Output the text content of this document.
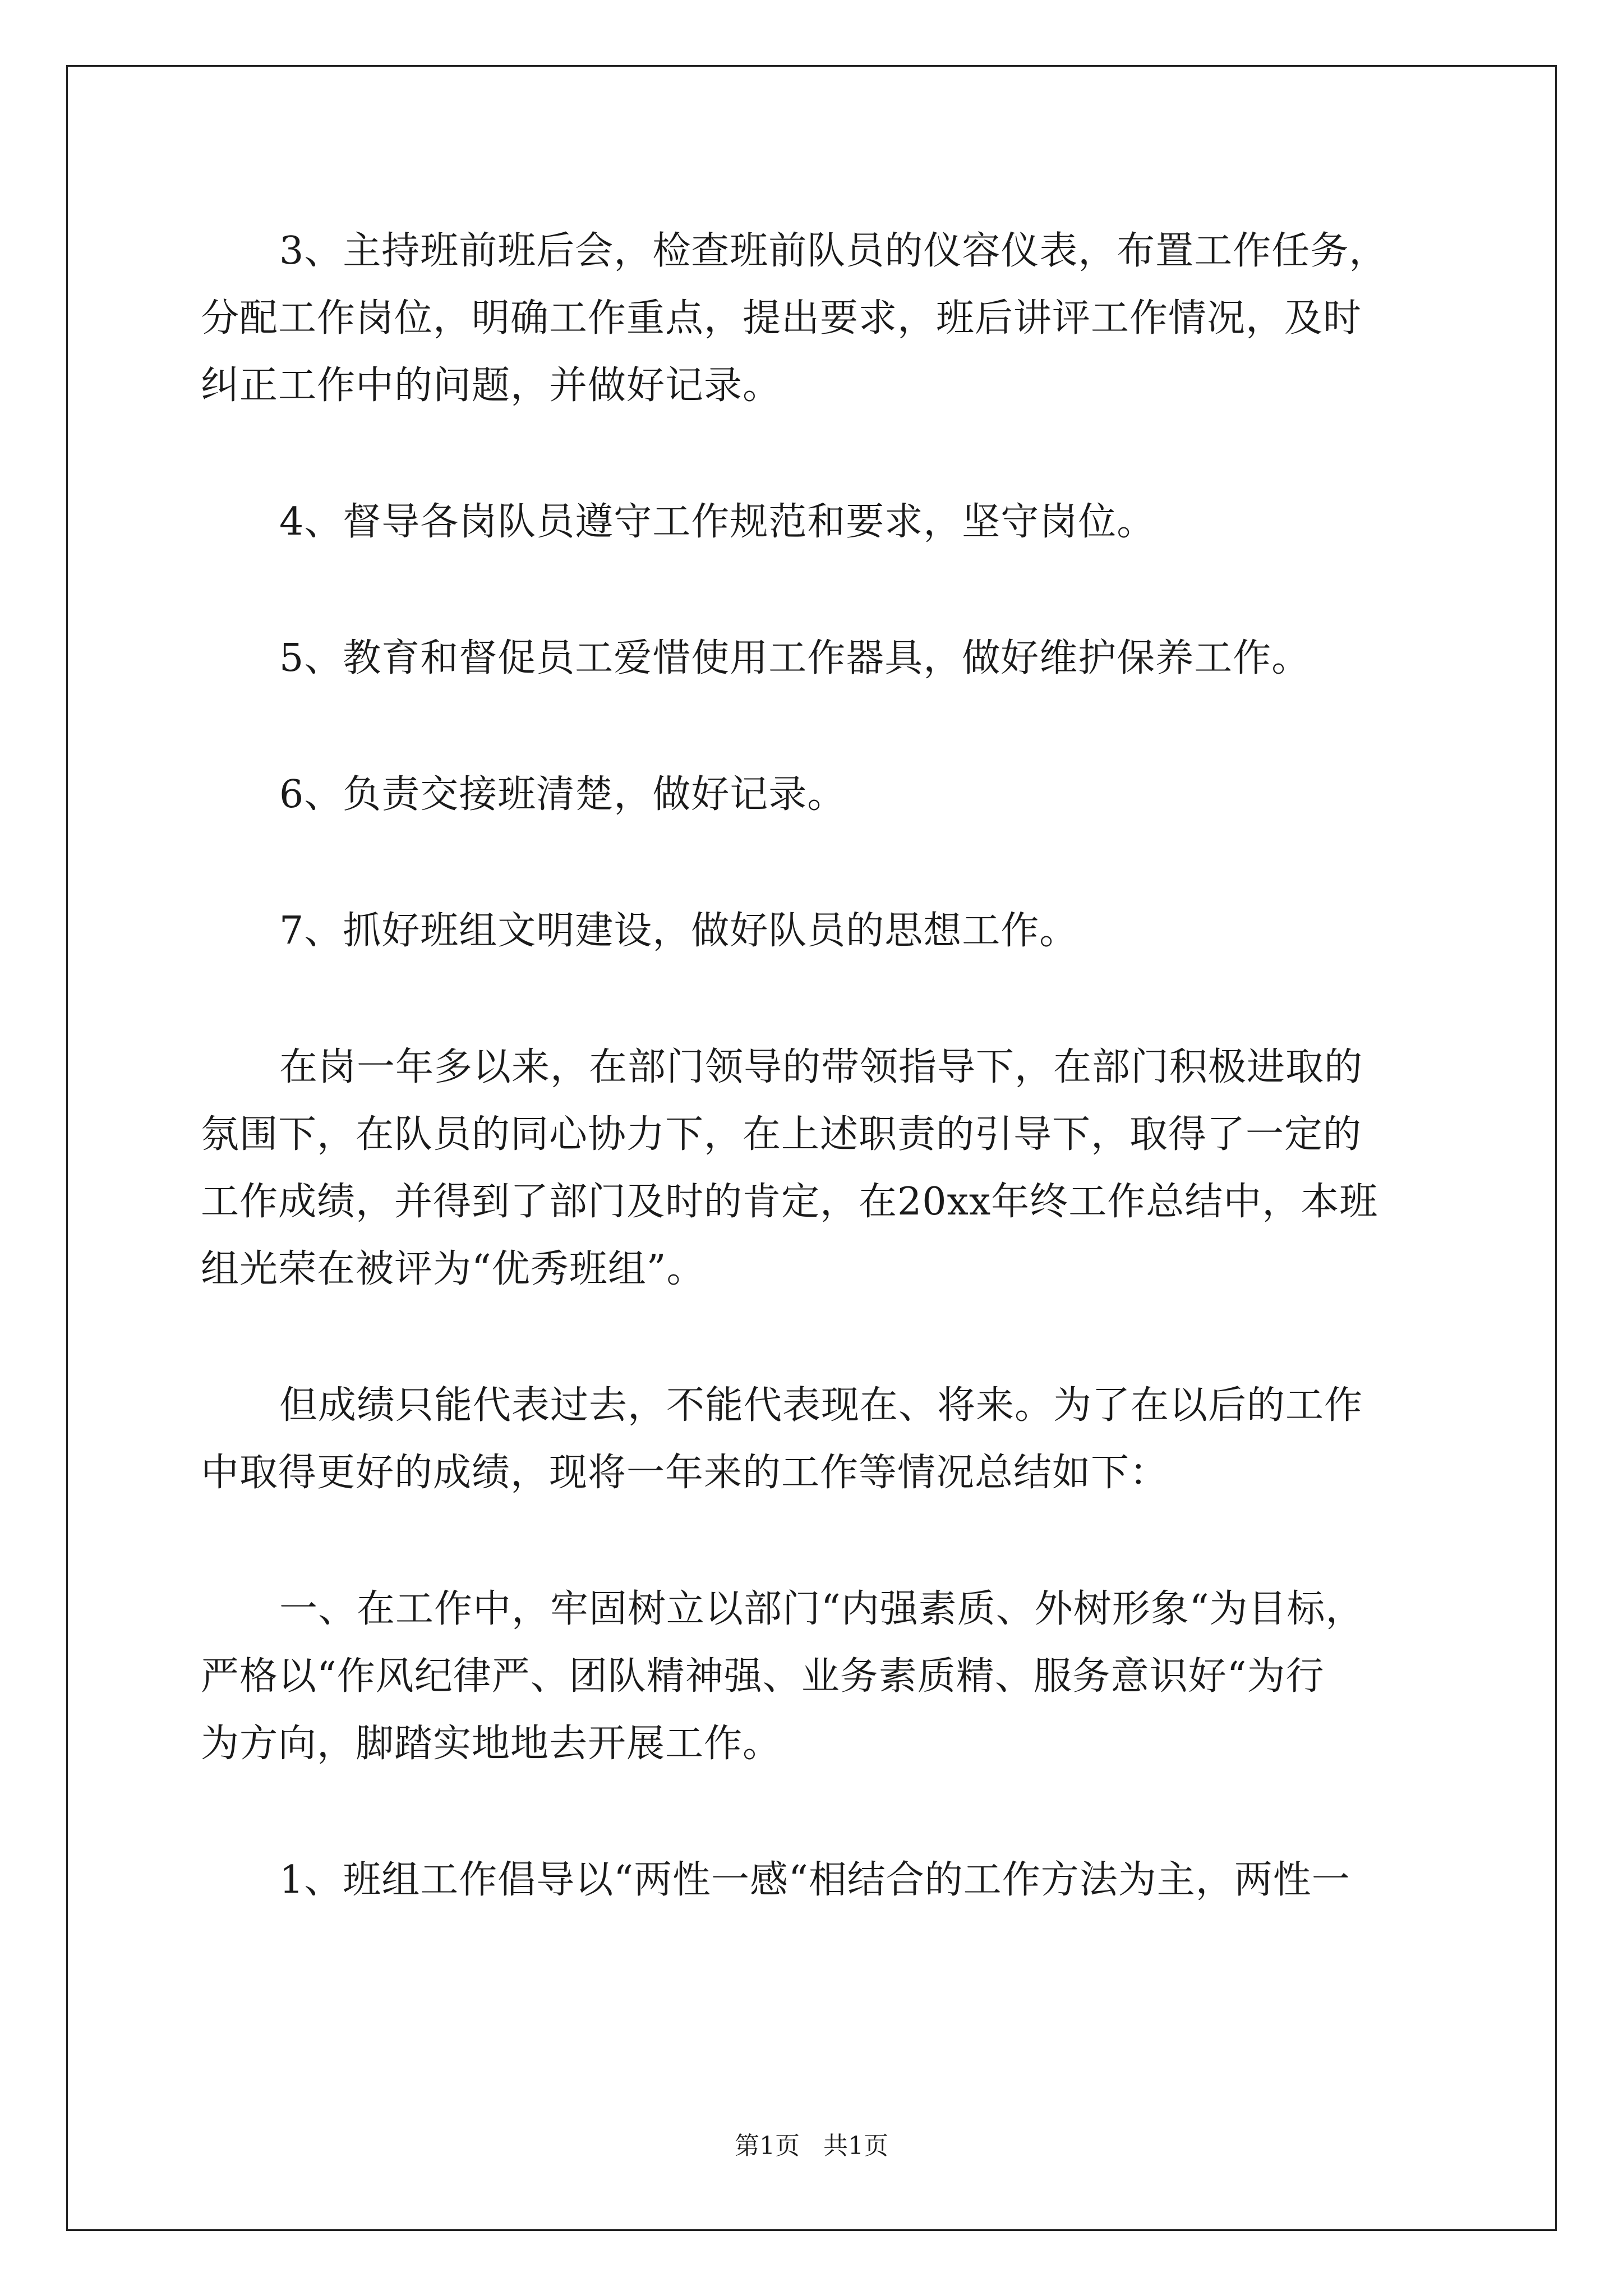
3、主持班前班后会，检查班前队员的仪容仪表，布置工作任务，
分配工作岗位，明确工作重点，提出要求，班后讲评工作情况，及时
纠正工作中的问题，并做好记录。
4、督导各岗队员遵守工作规范和要求，坚守岗位。
5、教育和督促员工爱惜使用工作器具，做好维护保养工作。
6、负责交接班清楚，做好记录。
7、抓好班组文明建设，做好队员的思想工作。
在岗一年多以来，在部门领导的带领指导下，在部门积极进取的
氛围下，在队员的同心协力下，在上述职责的引导下，取得了一定的
工作成绩，并得到了部门及时的肯定，在20xx年终工作总结中，本班
组光荣在被评为“优秀班组”。
但成绩只能代表过去，不能代表现在、将来。为了在以后的工作
中取得更好的成绩，现将一年来的工作等情况总结如下：
一、在工作中，牢固树立以部门“内强素质、外树形象“为目标，
严格以“作风纪律严、团队精神强、业务素质精、服务意识好“为行
为方向，脚踏实地地去开展工作。
1、班组工作倡导以“两性一感“相结合的工作方法为主，两性一
第1页   共1页
